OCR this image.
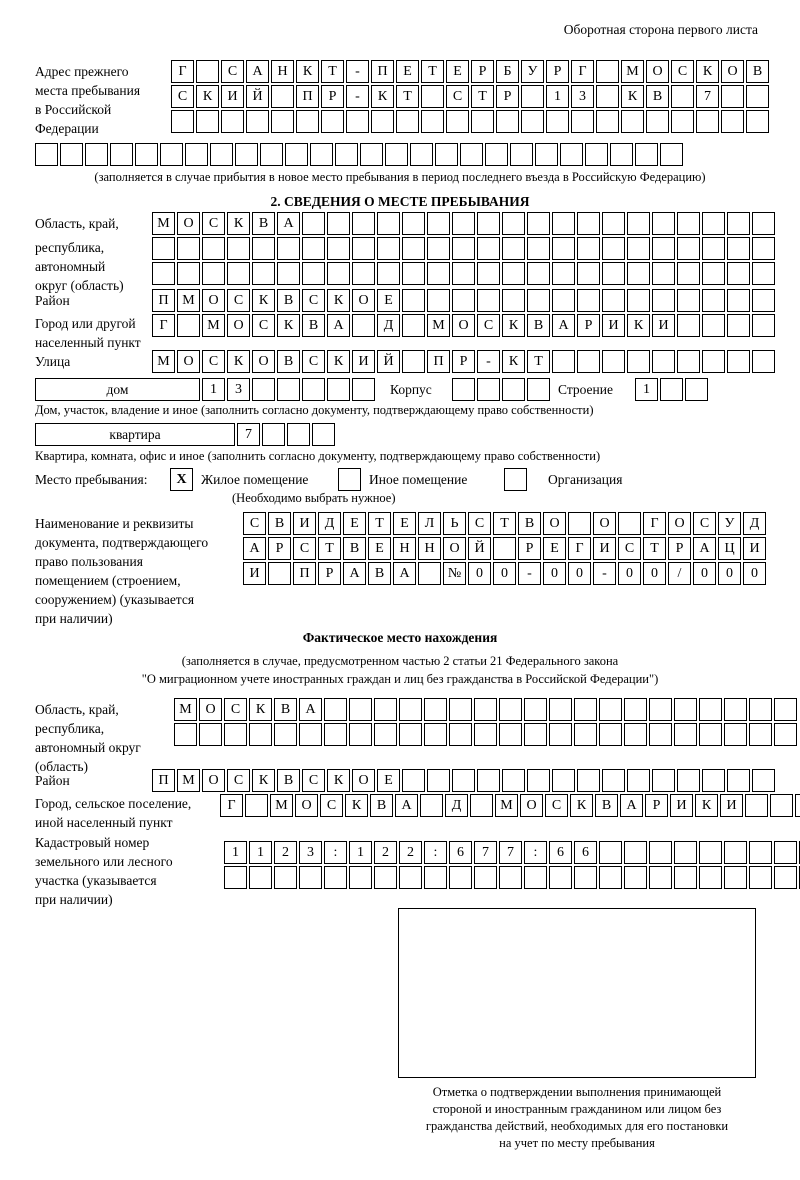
Оборотная сторона первого листа
Адрес прежнего
места пребывания
в Российской
Федерации
Г	С	А	Н	К	Т	-	П	Е	Т	Е	Р	Б	У	Р	Г	М О	С	К	О	В
С	К	И	Й	П	Р	-	К	Т	С	Т	Р	1	3	К	В	7
(заполняется в случае прибытия в новое место пребывания в период последнего въезда в Российскую Федерацию)
2. СВЕДЕНИЯ О МЕСТЕ ПРЕБЫВАНИЯ
Область, край,
республика,
автономный
округ (область)
М О	С	К	В	А
Район	П М О	С	К	В	С	К	О	Е
Город или другой
населенный пункт
Г	М О	С	К	В	А	Д	М О	С	К	В	А	Р	И	К	И
Улица	М О	С	К	О	В	С	К	И	Й	П	Р	-	К	Т
дом	1	3	Корпус	Строение	1
Дом, участок, владение и иное (заполнить согласно документу, подтверждающему право собственности)
квартира	7
Квартира, комната, офис и иное (заполнить согласно документу, подтверждающему право собственности)
Место пребывания:	X	Жилое помещение	Иное помещение	Организация
(Необходимо выбрать нужное)
Наименование и реквизиты
документа, подтверждающего
право пользования
помещением (строением,
сооружением) (указывается
при наличии)
С	В	И	Д	Е	Т	Е	Л	Ь	С	Т	В	О	О	Г	О	С	У	Д
А	Р	С	Т	В	Е	Н	Н	О	Й	Р	Е	Г	И	С	Т	Р	А	Ц	И
И	П	Р	А	В	А	№	0	0	-	0	0	-	0	0	/	0	0	0
Фактическое место нахождения
(заполняется в случае, предусмотренном частью 2 статьи 21 Федерального закона
"О миграционном учете иностранных граждан и лиц без гражданства в Российской Федерации")
Область, край,
республика,
автономный округ
(область)
М О	С	К	В	А
Район	П М О	С	К	В	С	К	О	Е
Город, сельское поселение,
иной населенный пункт
Г	М О	С	К	В	А	Д	М О	С	К	В	А	Р	И	К	И
Кадастровый номер
земельного или лесного
участка (указывается
при наличии)
1	1	2	3	:	1	2	2	:	6	7	7	:	6	6
Отметка о подтверждении выполнения принимающей
стороной и иностранным гражданином или лицом без
гражданства действий, необходимых для его постановки
на учет по месту пребывания
